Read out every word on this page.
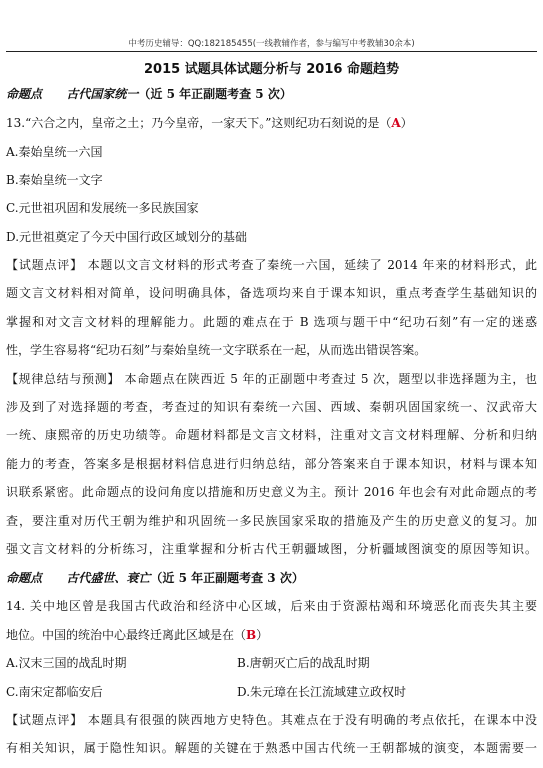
中考历史辅导：QQ:182185455(一线教辅作者，参与编写中考教辅30余本)
2015 试题具体试题分析与 2016 命题趋势
命题点 古代国家统一（近 5 年正副题考查 5 次）
13.“六合之内，皇帝之土；乃今皇帝，一家天下。”这则纪功石刻说的是（A）
A.秦始皇统一六国
B.秦始皇统一文字
C.元世祖巩固和发展统一多民族国家
D.元世祖奠定了今天中国行政区域划分的基础
【试题点评】 本题以文言文材料的形式考查了秦统一六国，延续了 2014 年来的材料形式，此
题文言文材料相对简单，设问明确具体，备选项均来自于课本知识，重点考查学生基础知识的
掌握和对文言文材料的理解能力。此题的难点在于 B 选项与题干中“纪功石刻”有一定的迷惑
性，学生容易将“纪功石刻”与秦始皇统一文字联系在一起，从而选出错误答案。
【规律总结与预测】 本命题点在陕西近 5 年的正副题中考查过 5 次，题型以非选择题为主，也
涉及到了对选择题的考查，考查过的知识有秦统一六国、西域、秦朝巩固国家统一、汉武帝大
一统、康熙帝的历史功绩等。命题材料都是文言文材料，注重对文言文材料理解、分析和归纳
能力的考查，答案多是根据材料信息进行归纳总结，部分答案来自于课本知识，材料与课本知
识联系紧密。此命题点的设问角度以措施和历史意义为主。预计 2016 年也会有对此命题点的考
查，要注重对历代王朝为维护和巩固统一多民族国家采取的措施及产生的历史意义的复习。加
强文言文材料的分析练习，注重掌握和分析古代王朝疆域图，分析疆域图演变的原因等知识。
命题点 古代盛世、衰亡（近 5 年正副题考查 3 次）
14. 关中地区曾是我国古代政治和经济中心区域，后来由于资源枯竭和环境恶化而丧失其主要
地位。中国的统治中心最终迁离此区域是在（B）
A.汉末三国的战乱时期	B.唐朝灭亡后的战乱时期
C.南宋定都临安后	D.朱元璋在长江流域建立政权时
【试题点评】 本题具有很强的陕西地方史特色。其难点在于没有明确的考点依托，在课本中没
有相关知识，属于隐性知识。解题的关键在于熟悉中国古代统一王朝都城的演变，本题需要一
